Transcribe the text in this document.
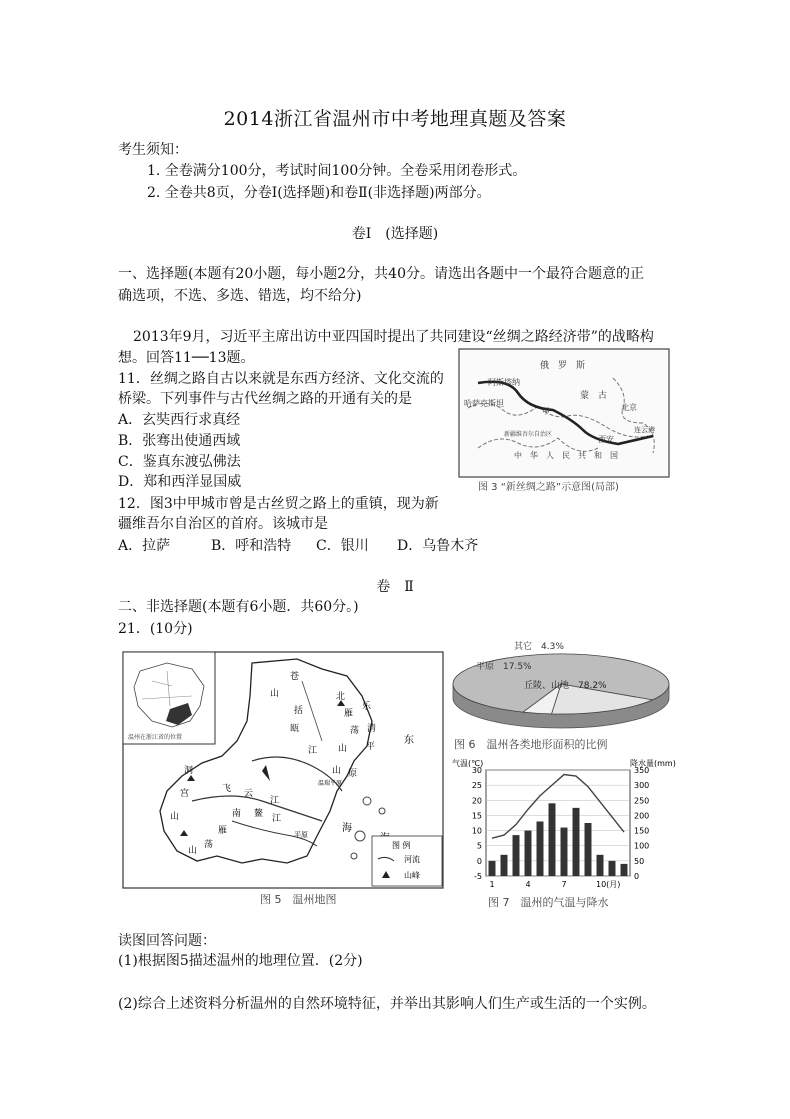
2014浙江省温州市中考地理真题及答案
考生须知：
1. 全卷满分100分，考试时间100分钟。全卷采用闭卷形式。
2. 全卷共8页，分卷Ⅰ(选择题)和卷Ⅱ(非选择题)两部分。
卷Ⅰ　(选择题)
一、选择题(本题有20小题，每小题2分，共40分。请选出各题中一个最符合题意的正
确选项，不选、多选、错选，均不给分)
2013年9月，习近平主席出访中亚四国时提出了共同建设“丝绸之路经济带”的战略构
想。回答11──13题。
11．丝绸之路自古以来就是东西方经济、文化交流的
桥梁。下列事件与古代丝绸之路的开通有关的是
A．玄奘西行求真经
B．张骞出使通西域
C．鉴真东渡弘佛法
D．郑和西洋显国威
12．图3中甲城市曾是古丝贸之路上的重镇，现为新
疆维吾尔自治区的首府。该城市是
A．拉萨	B．呼和浩特 C．银川 D．乌鲁木齐
俄　罗　斯
阿斯塔纳
哈萨克斯坦
蒙　古
北京
甲
新疆维吾尔自治区
西安
连云港
中　华　人　民　共　和　国
图 3 “新丝绸之路”示意图(局部)
卷　Ⅱ
二、非选择题(本题有6小题．共60分。)
21．(10分)
温州在浙江省的位置
苍
山	北
雁
乐
荡 清
山 平
括
瓯
江
山 原
东
温瑞平原
洞
宫	飞 云
江
山	南
雁
鳌 江
荡
山
平原
海
图 例
河流
山峰
图 5　温州地图
其它　4.3%
平原　17.5%
丘陵、山地　78.2%
图 6　温州各类地形面积的比例
气温(℃)	降水量(mm)
30
25
20
15
10
5
0
-5
350
300
250
200
150
100
50
0
1	4	7	10(月)
图 7　温州的气温与降水
读图回答问题：
(1)根据图5描述温州的地理位置．(2分)
(2)综合上述资料分析温州的自然环境特征，并举出其影响人们生产或生活的一个实例。
